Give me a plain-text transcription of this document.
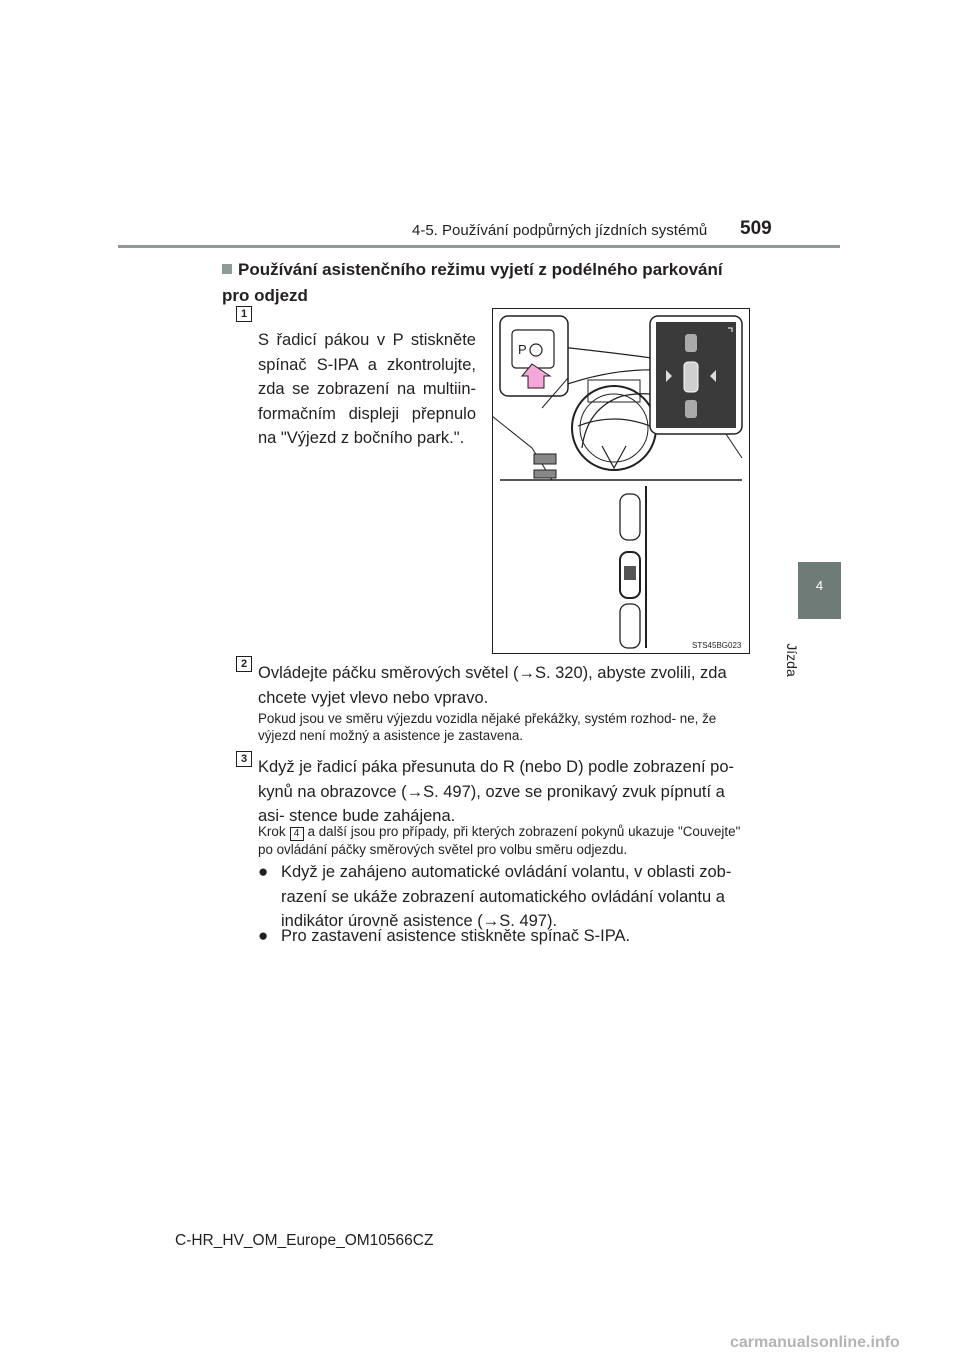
4-5. Používání podpůrných jízdních systémů 509
4
Jízda
Používání asistenčního režimu vyjetí z podélného parkování pro odjezd
1
S řadicí pákou v P stiskněte spínač S-IPA a zkontrolujte, zda se zobrazení na multiin- formačním displeji přepnulo na "Výjezd z bočního park.".
P
STS45BG023
2 Ovládejte páčku směrových světel (→S. 320), abyste zvolili, zda chcete vyjet vlevo nebo vpravo.
Pokud jsou ve směru výjezdu vozidla nějaké překážky, systém rozhod- ne, že výjezd není možný a asistence je zastavena.
3 Když je řadicí páka přesunuta do R (nebo D) podle zobrazení po- kynů na obrazovce (→S. 497), ozve se pronikavý zvuk pípnutí a asi- stence bude zahájena.
Krok 4 a další jsou pro případy, při kterých zobrazení pokynů ukazuje "Couvejte" po ovládání páčky směrových světel pro volbu směru odjezdu.
● Když je zahájeno automatické ovládání volantu, v oblasti zob- razení se ukáže zobrazení automatického ovládání volantu a indikátor úrovně asistence (→S. 497).
● Pro zastavení asistence stiskněte spínač S-IPA.
C-HR_HV_OM_Europe_OM10566CZ
carmanualsonline.info
